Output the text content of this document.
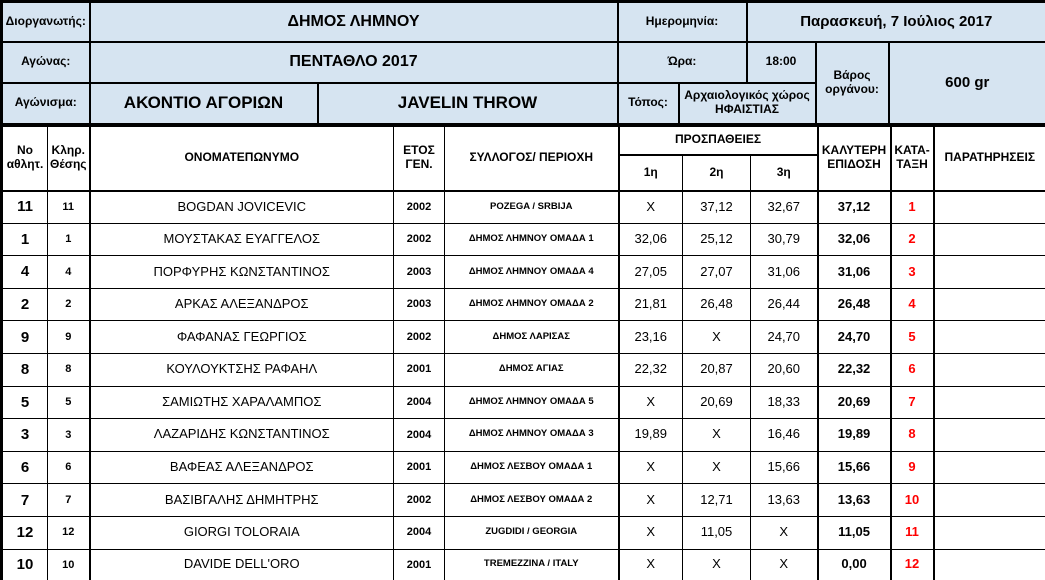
Διοργανωτής:	ΔΗΜΟΣ ΛΗΜΝΟΥ		Ημερομηνία:		Παρασκευή, 7 Ιούλιος 2017		
Αγώνας:	ΠΕΝΤΑΘΛΟ 2017		Ώρα:		18:00	Βάρος οργάνου:	600 gr
Αγώνισμα:	ΑΚΟΝΤΙΟ ΑΓΟΡΙΩΝ	JAVELIN THROW	Τόπος:	Αρχαιολογικός χώρος ΗΦΑΙΣΤΙΑΣ			
No αθλητ.	Κληρ. Θέσης	ΟΝΟΜΑΤΕΠΩΝΥΜΟ	ΕΤΟΣ ΓΕΝ.	ΣΥΛΛΟΓΟΣ/ ΠΕΡΙΟΧΗ	ΠΡΟΣΠΑΘΕΙΕΣ			ΚΑΛΥΤΕΡΗ ΕΠΙΔΟΣΗ	ΚΑΤΑ-ΤΑΞΗ	ΠΑΡΑΤΗΡΗΣΕΙΣ
					1η	2η	3η			
11	11	BOGDAN JOVICEVIC	2002	POZEGA / SRBIJA	X	37,12	32,67	37,12	1	
1	1	ΜΟΥΣΤΑΚΑΣ ΕΥΑΓΓΕΛΟΣ	2002	ΔΗΜΟΣ ΛΗΜΝΟΥ ΟΜΑΔΑ 1	32,06	25,12	30,79	32,06	2	
4	4	ΠΟΡΦΥΡΗΣ ΚΩΝΣΤΑΝΤΙΝΟΣ	2003	ΔΗΜΟΣ ΛΗΜΝΟΥ ΟΜΑΔΑ 4	27,05	27,07	31,06	31,06	3	
2	2	ΑΡΚΑΣ ΑΛΕΞΑΝΔΡΟΣ	2003	ΔΗΜΟΣ ΛΗΜΝΟΥ ΟΜΑΔΑ 2	21,81	26,48	26,44	26,48	4	
9	9	ΦΑΦΑΝΑΣ ΓΕΩΡΓΙΟΣ	2002	ΔΗΜΟΣ ΛΑΡΙΣΑΣ	23,16	X	24,70	24,70	5	
8	8	ΚΟΥΛΟΥΚΤΣΗΣ ΡΑΦΑΗΛ	2001	ΔΗΜΟΣ ΑΓΙΑΣ	22,32	20,87	20,60	22,32	6	
5	5	ΣΑΜΙΩΤΗΣ ΧΑΡΑΛΑΜΠΟΣ	2004	ΔΗΜΟΣ ΛΗΜΝΟΥ ΟΜΑΔΑ 5	X	20,69	18,33	20,69	7	
3	3	ΛΑΖΑΡΙΔΗΣ ΚΩΝΣΤΑΝΤΙΝΟΣ	2004	ΔΗΜΟΣ ΛΗΜΝΟΥ ΟΜΑΔΑ 3	19,89	X	16,46	19,89	8	
6	6	ΒΑΦΕΑΣ ΑΛΕΞΑΝΔΡΟΣ	2001	ΔΗΜΟΣ ΛΕΣΒΟΥ ΟΜΑΔΑ 1	X	X	15,66	15,66	9	
7	7	ΒΑΣΙΒΓΑΛΗΣ ΔΗΜΗΤΡΗΣ	2002	ΔΗΜΟΣ ΛΕΣΒΟΥ ΟΜΑΔΑ 2	X	12,71	13,63	13,63	10	
12	12	GIORGI TOLORAIA	2004	ZUGDIDI / GEORGIA	X	11,05	X	11,05	11	
10	10	DAVIDE DELL'ORO	2001	TREMEZZINA / ITALY	X	X	X	0,00	12	
